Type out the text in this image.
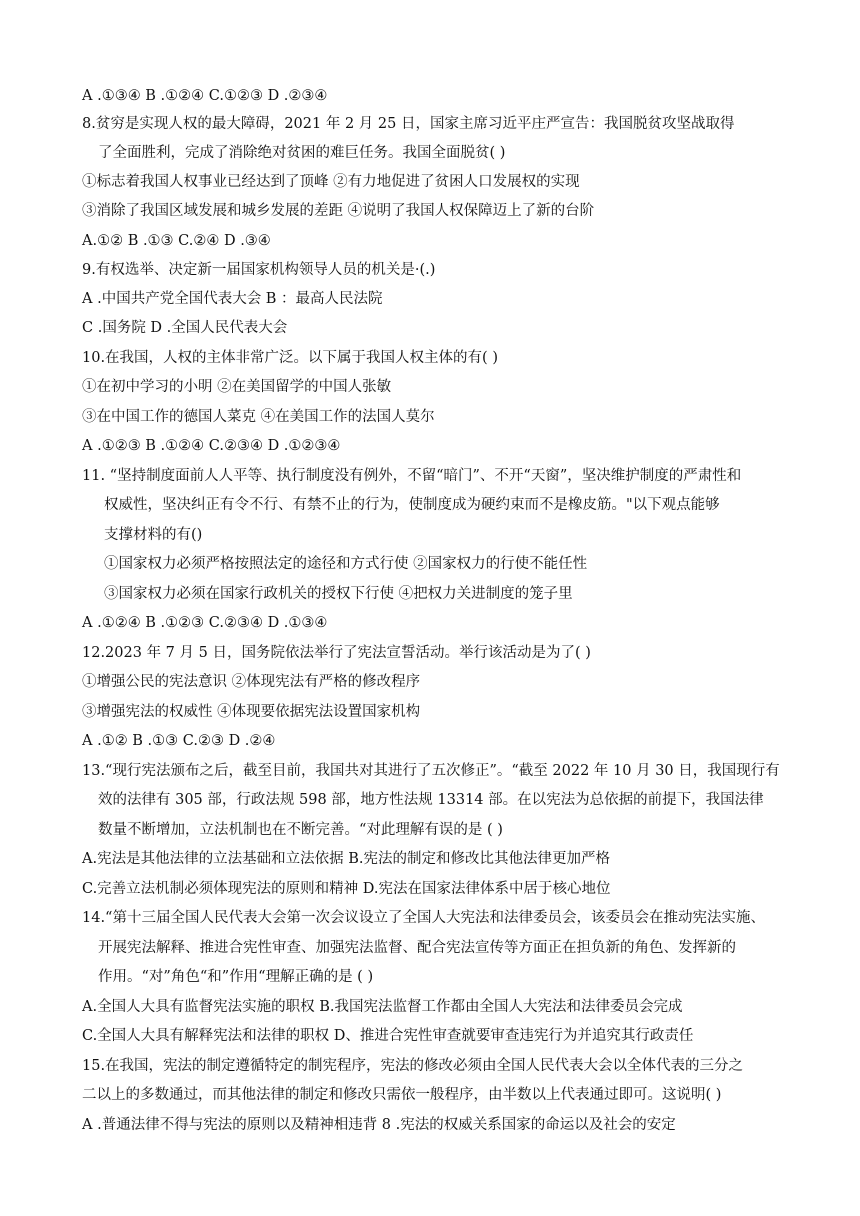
A .①③④ B .①②④ C.①②③ D .②③④
8.贫穷是实现人权的最大障碍，2021 年 2 月 25 日，国家主席习近平庄严宣告：我国脱贫攻坚战取得
了全面胜利，完成了消除绝对贫困的难巨任务。我国全面脱贫( )
①标志着我国人权事业已经达到了顶峰 ②有力地促进了贫困人口发展权的实现
③消除了我国区域发展和城乡发展的差距 ④说明了我国人权保障迈上了新的台阶
A.①② B .①③ C.②④ D .③④
9.有权选举、决定新一届国家机构领导人员的机关是·(.)
A .中国共产党全国代表大会 B ：最高人民法院
C .国务院 D .全国人民代表大会
10.在我国，人权的主体非常广泛。以下属于我国人权主体的有( )
①在初中学习的小明 ②在美国留学的中国人张敏
③在中国工作的德国人菜克 ④在美国工作的法国人莫尔
A .①②③ B .①②④ C.②③④ D .①②③④
11. “坚持制度面前人人平等、执行制度没有例外，不留“暗门”、不开“天窗”，坚决维护制度的严肃性和
权威性，坚决纠正有令不行、有禁不止的行为，使制度成为硬约束而不是橡皮筋。"以下观点能够
支撑材料的有()
①国家权力必须严格按照法定的途径和方式行使 ②国家权力的行使不能任性
③国家权力必须在国家行政机关的授权下行使 ④把权力关进制度的笼子里
A .①②④ B .①②③ C.②③④ D .①③④
12.2023 年 7 月 5 日，国务院依法举行了宪法宣誓活动。举行该活动是为了( )
①增强公民的宪法意识 ②体现宪法有严格的修改程序
③增强宪法的权威性 ④体现要依据宪法设置国家机构
A .①② B .①③ C.②③ D .②④
13.“现行宪法颁布之后，截至目前，我国共对其进行了五次修正”。“截至 2022 年 10 月 30 日，我国现行有
效的法律有 305 部，行政法规 598 部，地方性法规 13314 部。在以宪法为总依据的前提下，我国法律
数量不断增加，立法机制也在不断完善。“对此理解有误的是 ( )
A.宪法是其他法律的立法基础和立法依据 B.宪法的制定和修改比其他法律更加严格
C.完善立法机制必须体现宪法的原则和精神 D.宪法在国家法律体系中居于核心地位
14.“第十三届全国人民代表大会第一次会议设立了全国人大宪法和法律委员会，该委员会在推动宪法实施、
开展宪法解释、推进合宪性审查、加强宪法监督、配合宪法宣传等方面正在担负新的角色、发挥新的
作用。“对”角色“和”作用“理解正确的是 ( )
A.全国人大具有监督宪法实施的职权 B.我国宪法监督工作都由全国人大宪法和法律委员会完成
C.全国人大具有解释宪法和法律的职权 D、推进合宪性审查就要审查违宪行为并追究其行政责任
15.在我国，宪法的制定遵循特定的制宪程序，宪法的修改必须由全国人民代表大会以全体代表的三分之
二以上的多数通过，而其他法律的制定和修改只需依一般程序，由半数以上代表通过即可。这说明( )
A .普通法律不得与宪法的原则以及精神相违背 8 .宪法的权威关系国家的命运以及社会的安定
